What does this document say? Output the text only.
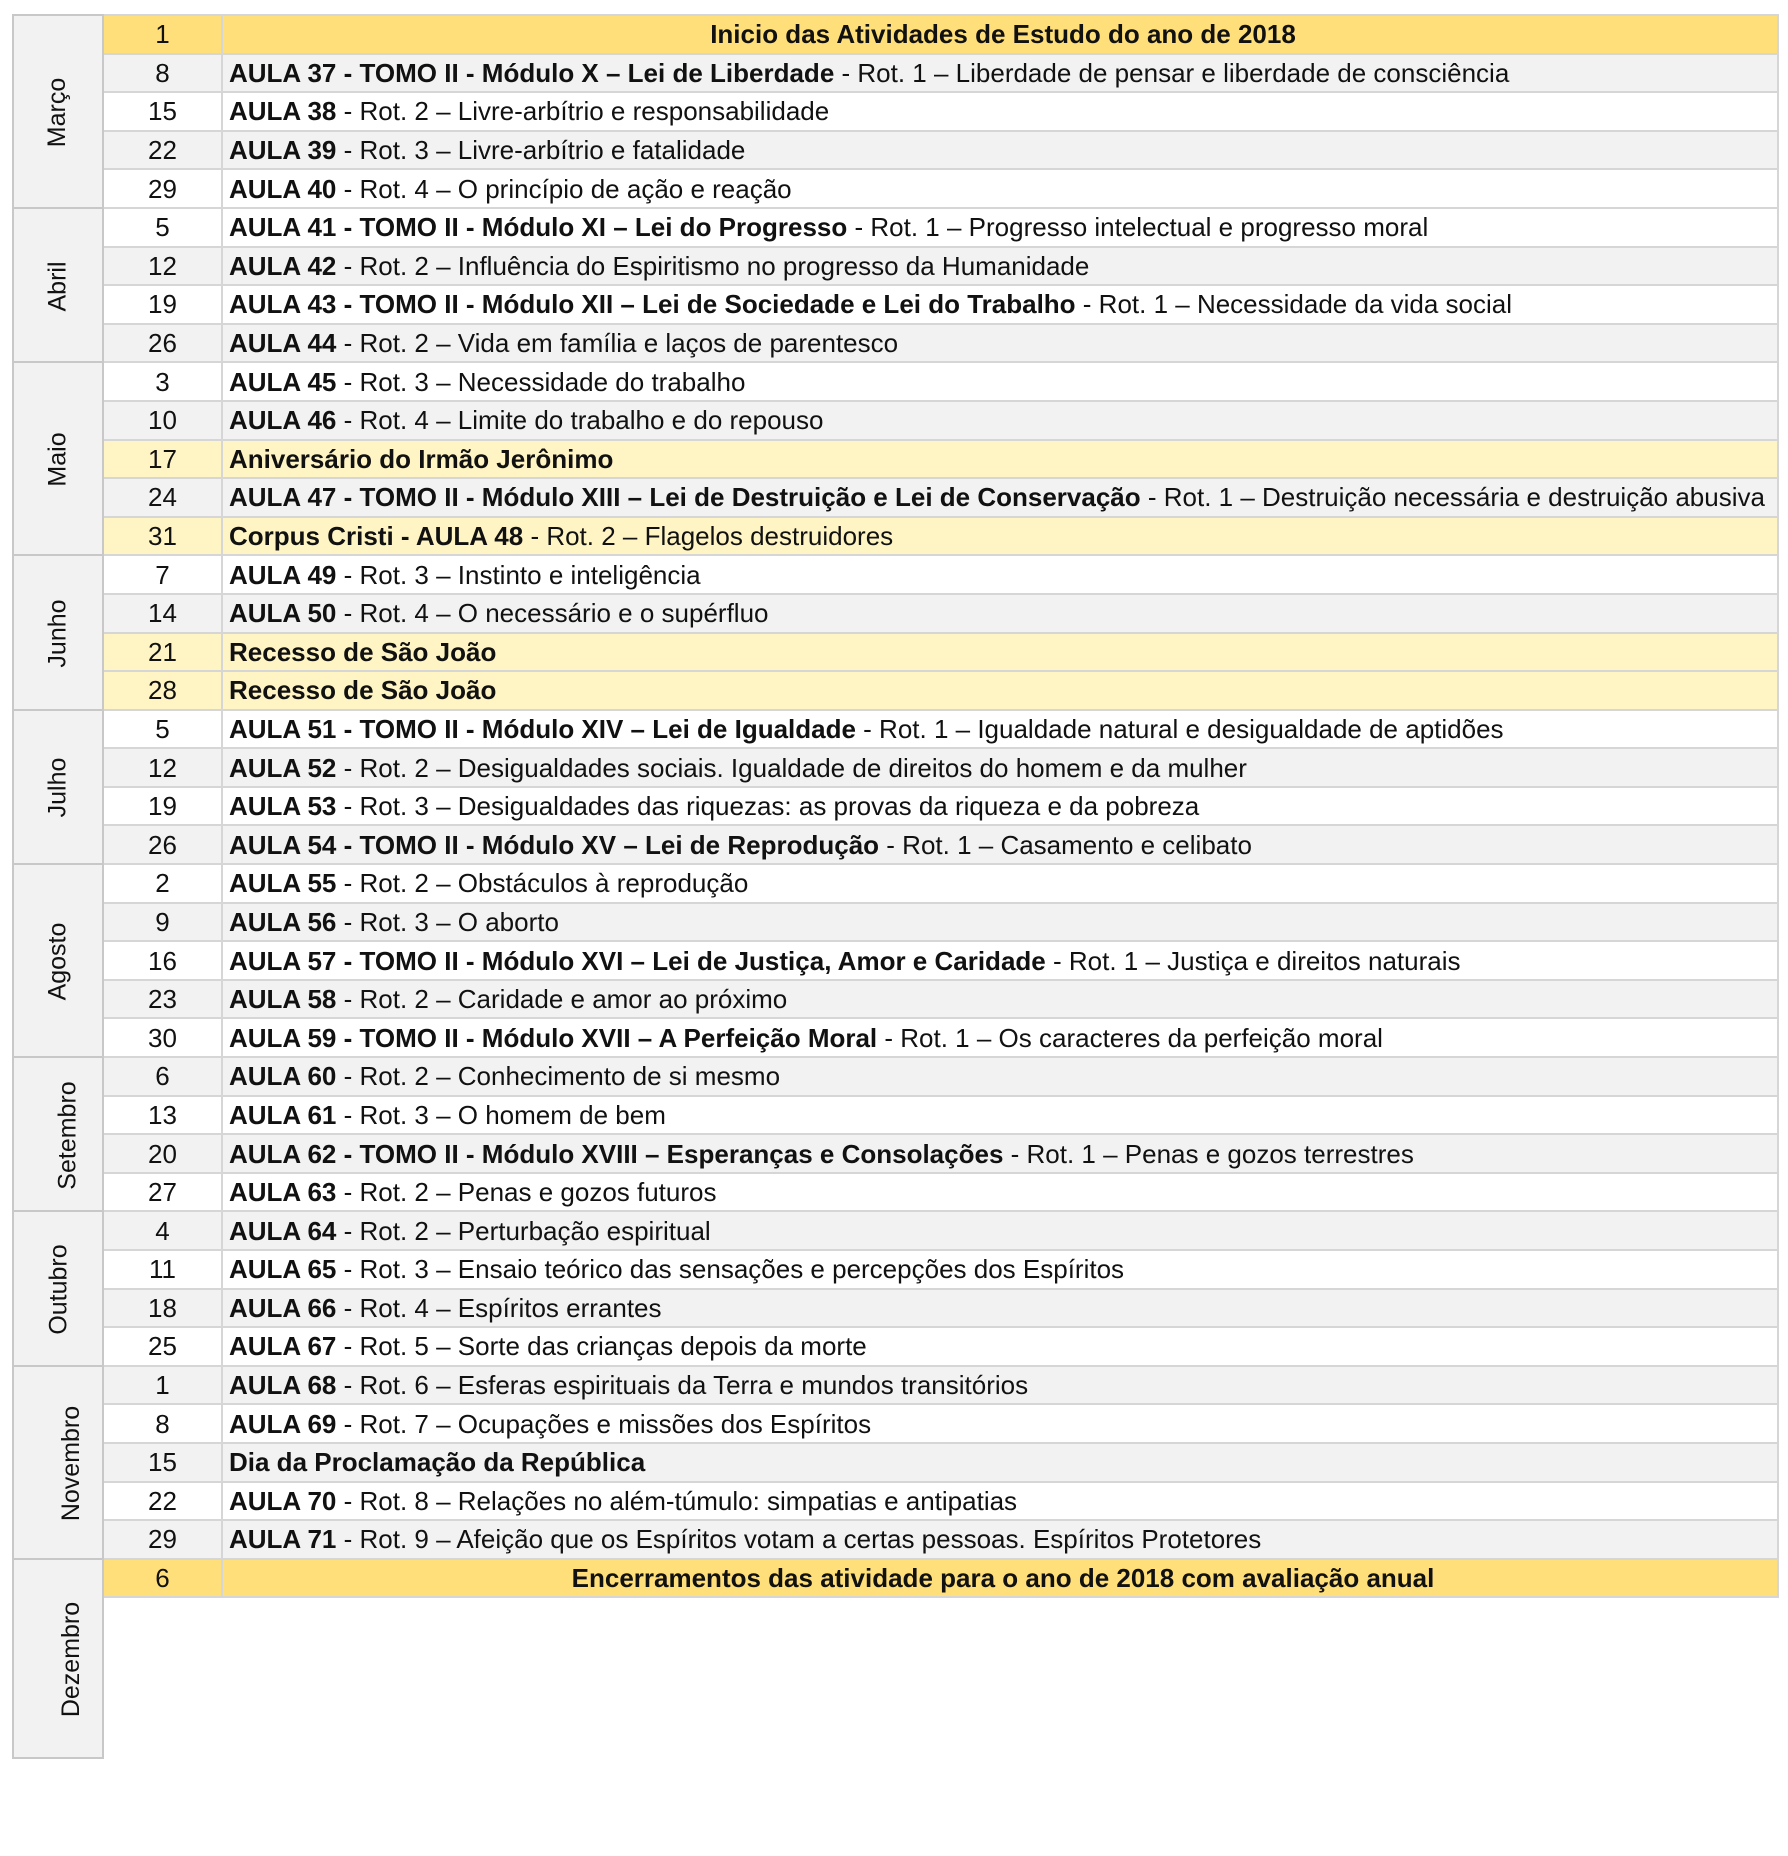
Março	1	Inicio das Atividades de Estudo do ano de 2018
	8	AULA 37 - TOMO II - Módulo X – Lei de Liberdade - Rot. 1 – Liberdade de pensar e liberdade de consciência
	15	AULA 38 - Rot. 2 – Livre-arbítrio e responsabilidade
	22	AULA 39 - Rot. 3 – Livre-arbítrio e fatalidade
	29	AULA 40 - Rot. 4 – O princípio de ação e reação
Abril	5	AULA 41 - TOMO II - Módulo XI – Lei do Progresso - Rot. 1 – Progresso intelectual e progresso moral
	12	AULA 42 - Rot. 2 – Influência do Espiritismo no progresso da Humanidade
	19	AULA 43 - TOMO II - Módulo XII – Lei de Sociedade e Lei do Trabalho - Rot. 1 – Necessidade da vida social
	26	AULA 44 - Rot. 2 – Vida em família e laços de parentesco
Maio	3	AULA 45 - Rot. 3 – Necessidade do trabalho
	10	AULA 46 - Rot. 4 – Limite do trabalho e do repouso
	17	Aniversário do Irmão Jerônimo
	24	AULA 47 - TOMO II - Módulo XIII – Lei de Destruição e Lei de Conservação - Rot. 1 – Destruição necessária e destruição abusiva
	31	Corpus Cristi - AULA 48 - Rot. 2 – Flagelos destruidores
Junho	7	AULA 49 - Rot. 3 – Instinto e inteligência
	14	AULA 50 - Rot. 4 – O necessário e o supérfluo
	21	Recesso de São João
	28	Recesso de São João
Julho	5	AULA 51 - TOMO II - Módulo XIV – Lei de Igualdade - Rot. 1 – Igualdade natural e desigualdade de aptidões
	12	AULA 52 - Rot. 2 – Desigualdades sociais. Igualdade de direitos do homem e da mulher
	19	AULA 53 - Rot. 3 – Desigualdades das riquezas: as provas da riqueza e da pobreza
	26	AULA 54 - TOMO II - Módulo XV – Lei de Reprodução - Rot. 1 – Casamento e celibato
Agosto	2	AULA 55 - Rot. 2 – Obstáculos à reprodução
	9	AULA 56 - Rot. 3 – O aborto
	16	AULA 57 - TOMO II - Módulo XVI – Lei de Justiça, Amor e Caridade - Rot. 1 – Justiça e direitos naturais
	23	AULA 58 - Rot. 2 – Caridade e amor ao próximo
	30	AULA 59 - TOMO II - Módulo XVII – A Perfeição Moral - Rot. 1 – Os caracteres da perfeição moral
Setembro	6	AULA 60 - Rot. 2 – Conhecimento de si mesmo
	13	AULA 61 - Rot. 3 – O homem de bem
	20	AULA 62 - TOMO II - Módulo XVIII – Esperanças e Consolações - Rot. 1 – Penas e gozos terrestres
	27	AULA 63 - Rot. 2 – Penas e gozos futuros
Outubro	4	AULA 64 - Rot. 2 – Perturbação espiritual
	11	AULA 65 - Rot. 3 – Ensaio teórico das sensações e percepções dos Espíritos
	18	AULA 66 - Rot. 4 – Espíritos errantes
	25	AULA 67 - Rot. 5 – Sorte das crianças depois da morte
Novembro	1	AULA 68 - Rot. 6 – Esferas espirituais da Terra e mundos transitórios
	8	AULA 69 - Rot. 7 – Ocupações e missões dos Espíritos
	15	Dia da Proclamação da República
	22	AULA 70 - Rot. 8 – Relações no além-túmulo: simpatias e antipatias
	29	AULA 71 - Rot. 9 – Afeição que os Espíritos votam a certas pessoas. Espíritos Protetores
Dezembro	6	Encerramentos das atividade para o ano de 2018 com avaliação anual
